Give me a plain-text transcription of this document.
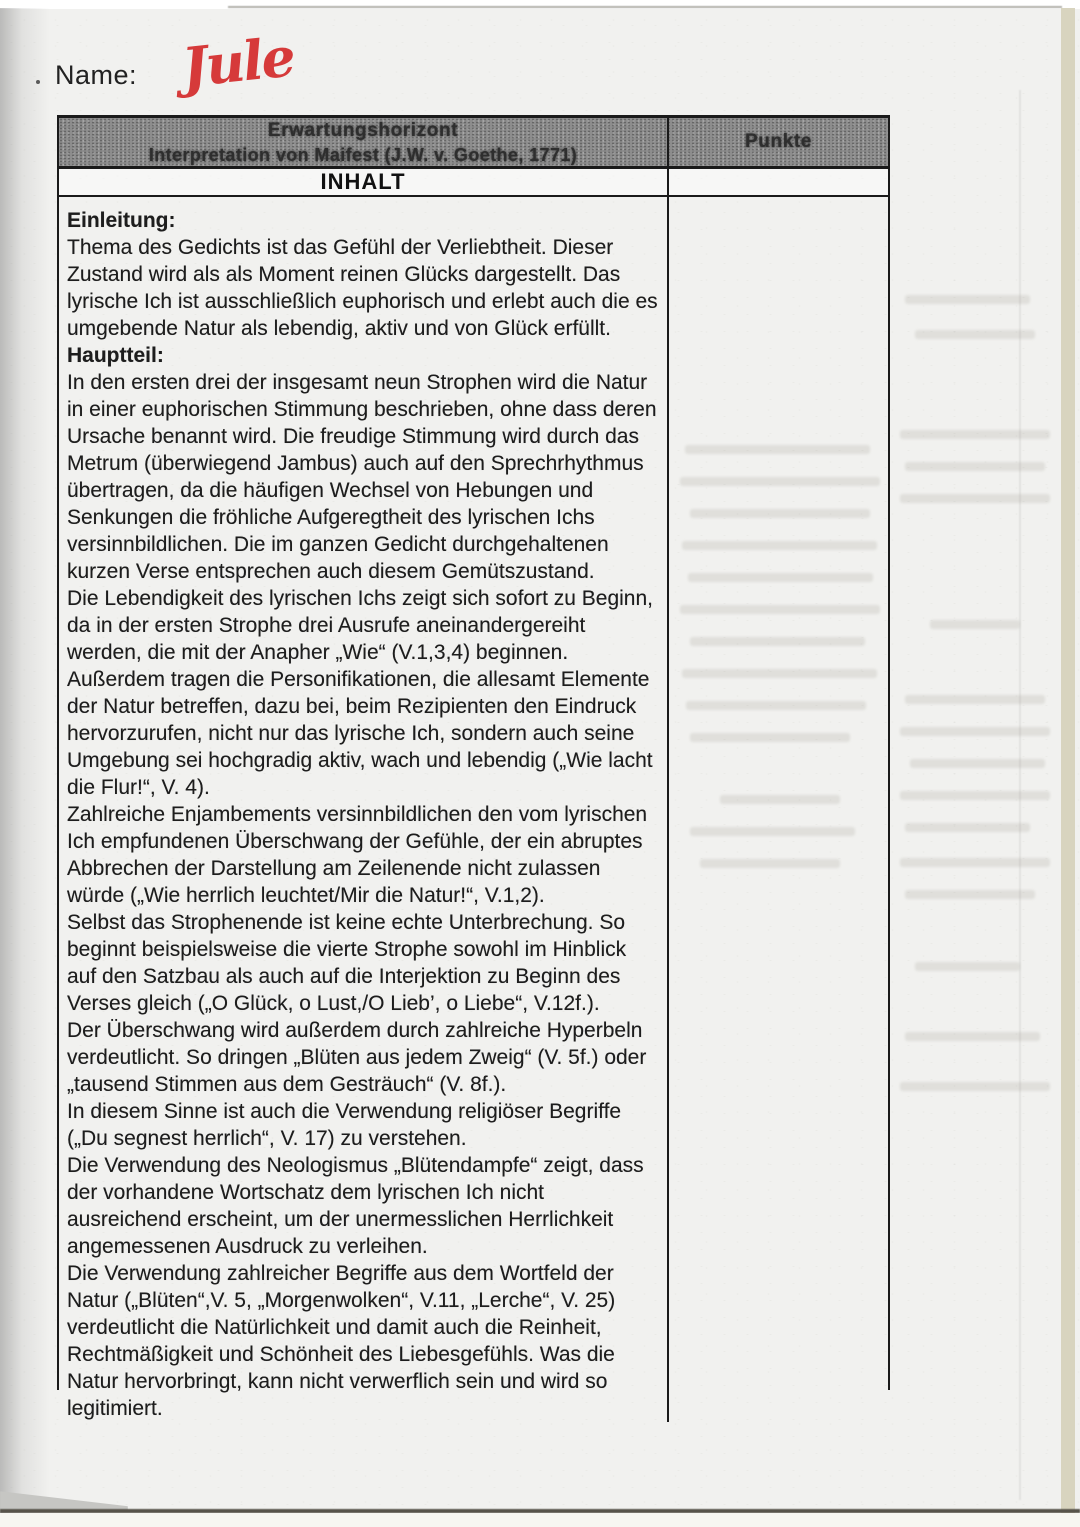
Name: Jule
Erwartungshorizont
Interpretation von Maifest (J.W. v. Goethe, 1771)
Punkte
INHALT

Einleitung:

Thema des Gedichts ist das Gefühl der Verliebtheit. Dieser Zustand wird als als Moment reinen Glücks dargestellt. Das lyrische Ich ist ausschließlich euphorisch und erlebt auch die es umgebende Natur als lebendig, aktiv und von Glück erfüllt.

Hauptteil:

In den ersten drei der insgesamt neun Strophen wird die Natur in einer euphorischen Stimmung beschrieben, ohne dass deren Ursache benannt wird. Die freudige Stimmung wird durch das Metrum (überwiegend Jambus) auch auf den Sprechrhythmus übertragen, da die häufigen Wechsel von Hebungen und Senkungen die fröhliche Aufgeregtheit des lyrischen Ichs versinnbildlichen. Die im ganzen Gedicht durchgehaltenen kurzen Verse entsprechen auch diesem Gemütszustand.

Die Lebendigkeit des lyrischen Ichs zeigt sich sofort zu Beginn, da in der ersten Strophe drei Ausrufe aneinandergereiht werden, die mit der Anapher „Wie“ (V.1,3,4) beginnen.

Außerdem tragen die Personifikationen, die allesamt Elemente der Natur betreffen, dazu bei, beim Rezipienten den Eindruck hervorzurufen, nicht nur das lyrische Ich, sondern auch seine Umgebung sei hochgradig aktiv, wach und lebendig („Wie lacht die Flur!“, V. 4).

Zahlreiche Enjambements versinnbildlichen den vom lyrischen Ich empfundenen Überschwang der Gefühle, der ein abruptes Abbrechen der Darstellung am Zeilenende nicht zulassen würde („Wie herrlich leuchtet/Mir die Natur!“, V.1,2).

Selbst das Strophenende ist keine echte Unterbrechung. So beginnt beispielsweise die vierte Strophe sowohl im Hinblick auf den Satzbau als auch auf die Interjektion zu Beginn des Verses gleich („O Glück, o Lust,/O Lieb’, o Liebe“, V.12f.).

Der Überschwang wird außerdem durch zahlreiche Hyperbeln verdeutlicht. So dringen „Blüten aus jedem Zweig“ (V. 5f.) oder „tausend Stimmen aus dem Gesträuch“ (V. 8f.).

In diesem Sinne ist auch die Verwendung religiöser Begriffe („Du segnest herrlich“, V. 17) zu verstehen.

Die Verwendung des Neologismus „Blütendampfe“ zeigt, dass der vorhandene Wortschatz dem lyrischen Ich nicht ausreichend erscheint, um der unermesslichen Herrlichkeit angemessenen Ausdruck zu verleihen.

Die Verwendung zahlreicher Begriffe aus dem Wortfeld der Natur („Blüten“,V. 5, „Morgenwolken“, V.11, „Lerche“, V. 25) verdeutlicht die Natürlichkeit und damit auch die Reinheit, Rechtmäßigkeit und Schönheit des Liebesgefühls. Was die Natur hervorbringt, kann nicht verwerflich sein und wird so legitimiert.
